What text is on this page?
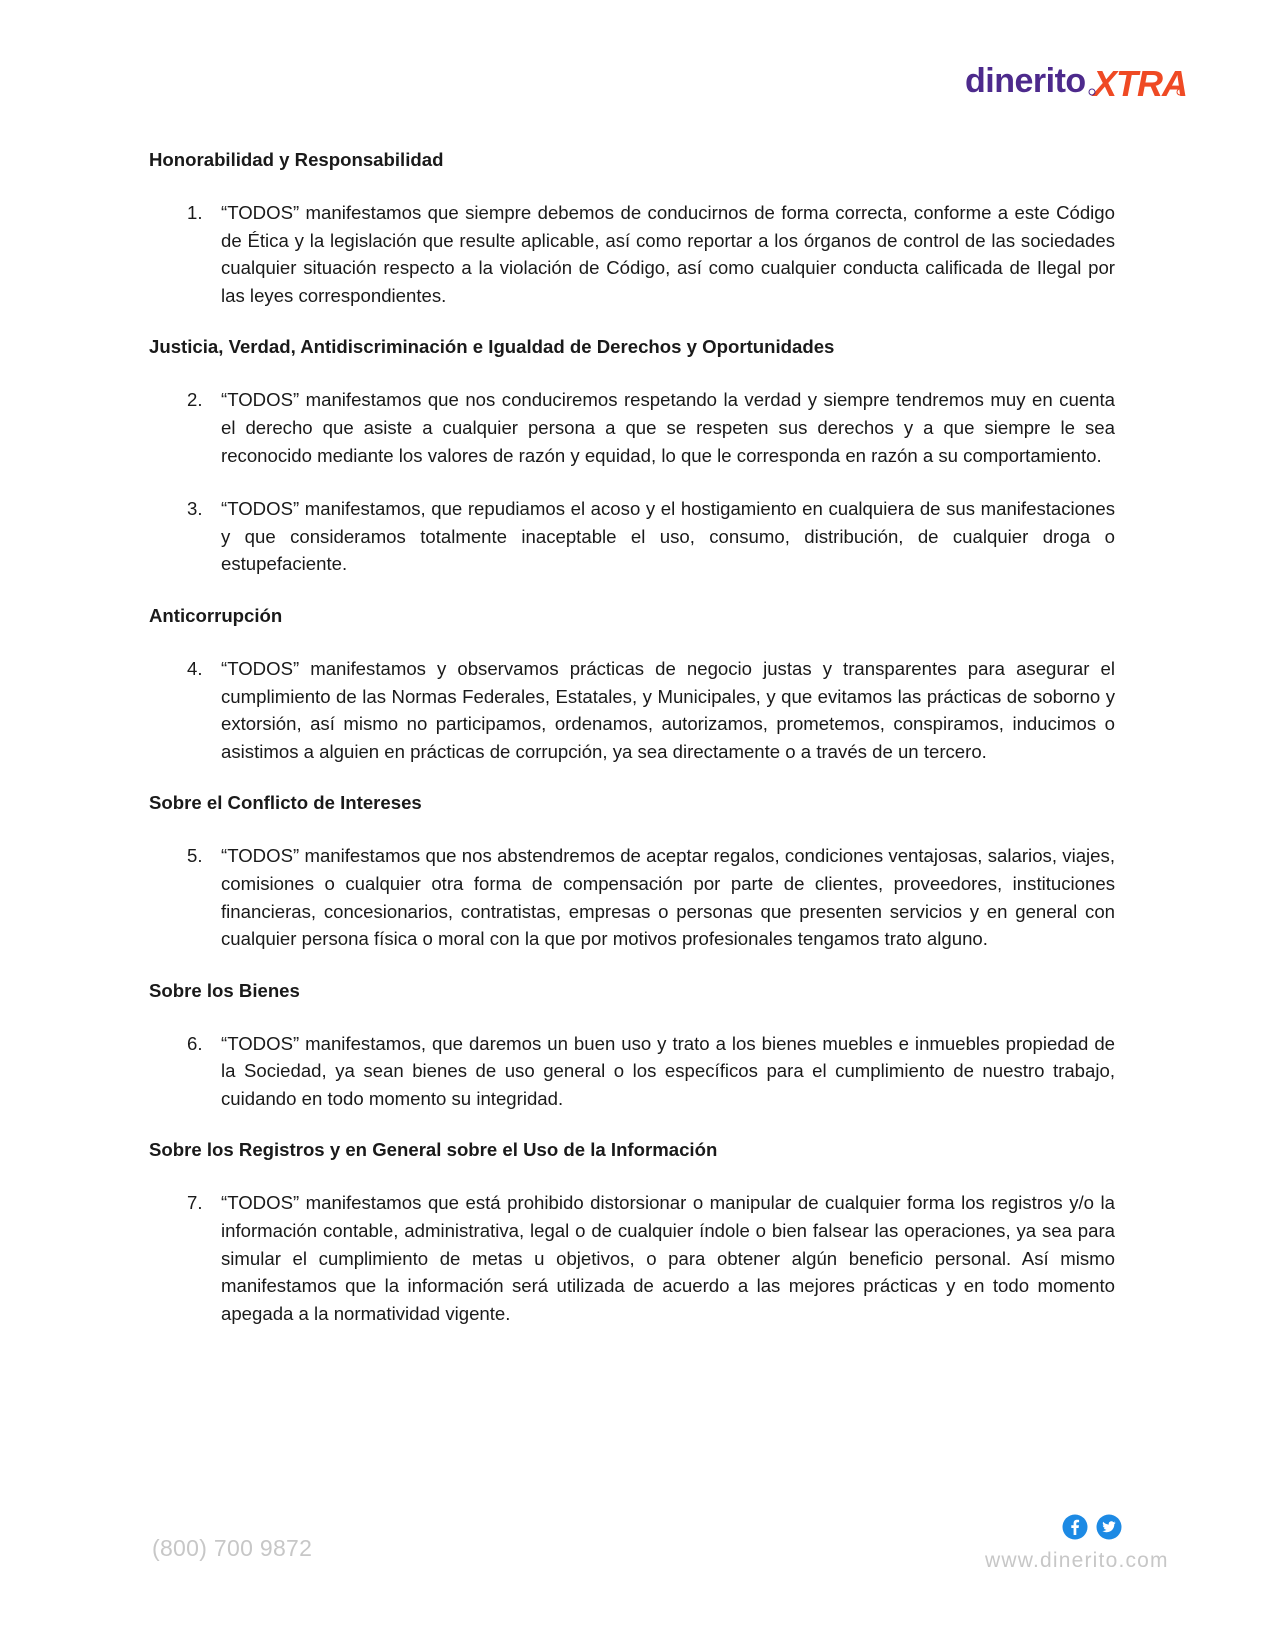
dinerito XTRA
Honorabilidad y Responsabilidad
1. “TODOS” manifestamos que siempre debemos de conducirnos de forma correcta, conforme a este Código de Ética y la legislación que resulte aplicable, así como reportar a los órganos de control de las sociedades cualquier situación respecto a la violación de Código, así como cualquier conducta calificada de Ilegal por las leyes correspondientes.
Justicia, Verdad, Antidiscriminación e Igualdad de Derechos y Oportunidades
2. “TODOS” manifestamos que nos conduciremos respetando la verdad y siempre tendremos muy en cuenta el derecho que asiste a cualquier persona a que se respeten sus derechos y a que siempre le sea reconocido mediante los valores de razón y equidad, lo que le corresponda en razón a su comportamiento.
3. “TODOS” manifestamos, que repudiamos el acoso y el hostigamiento en cualquiera de sus manifestaciones y que consideramos totalmente inaceptable el uso, consumo, distribución, de cualquier droga o estupefaciente.
Anticorrupción
4. “TODOS” manifestamos y observamos prácticas de negocio justas y transparentes para asegurar el cumplimiento de las Normas Federales, Estatales, y Municipales, y que evitamos las prácticas de soborno y extorsión, así mismo no participamos, ordenamos, autorizamos, prometemos, conspiramos, inducimos o asistimos a alguien en prácticas de corrupción, ya sea directamente o a través de un tercero.
Sobre el Conflicto de Intereses
5. “TODOS” manifestamos que nos abstendremos de aceptar regalos, condiciones ventajosas, salarios, viajes, comisiones o cualquier otra forma de compensación por parte de clientes, proveedores, instituciones financieras, concesionarios, contratistas, empresas o personas que presenten servicios y en general con cualquier persona física o moral con la que por motivos profesionales tengamos trato alguno.
Sobre los Bienes
6. “TODOS” manifestamos, que daremos un buen uso y trato a los bienes muebles e inmuebles propiedad de la Sociedad, ya sean bienes de uso general o los específicos para el cumplimiento de nuestro trabajo, cuidando en todo momento su integridad.
Sobre los Registros y en General sobre el Uso de la Información
7. “TODOS” manifestamos que está prohibido distorsionar o manipular de cualquier forma los registros y/o la información contable, administrativa, legal o de cualquier índole o bien falsear las operaciones, ya sea para simular el cumplimiento de metas u objetivos, o para obtener algún beneficio personal. Así mismo manifestamos que la información será utilizada de acuerdo a las mejores prácticas y en todo momento apegada a la normatividad vigente.
(800) 700 9872	www.dinerito.com
